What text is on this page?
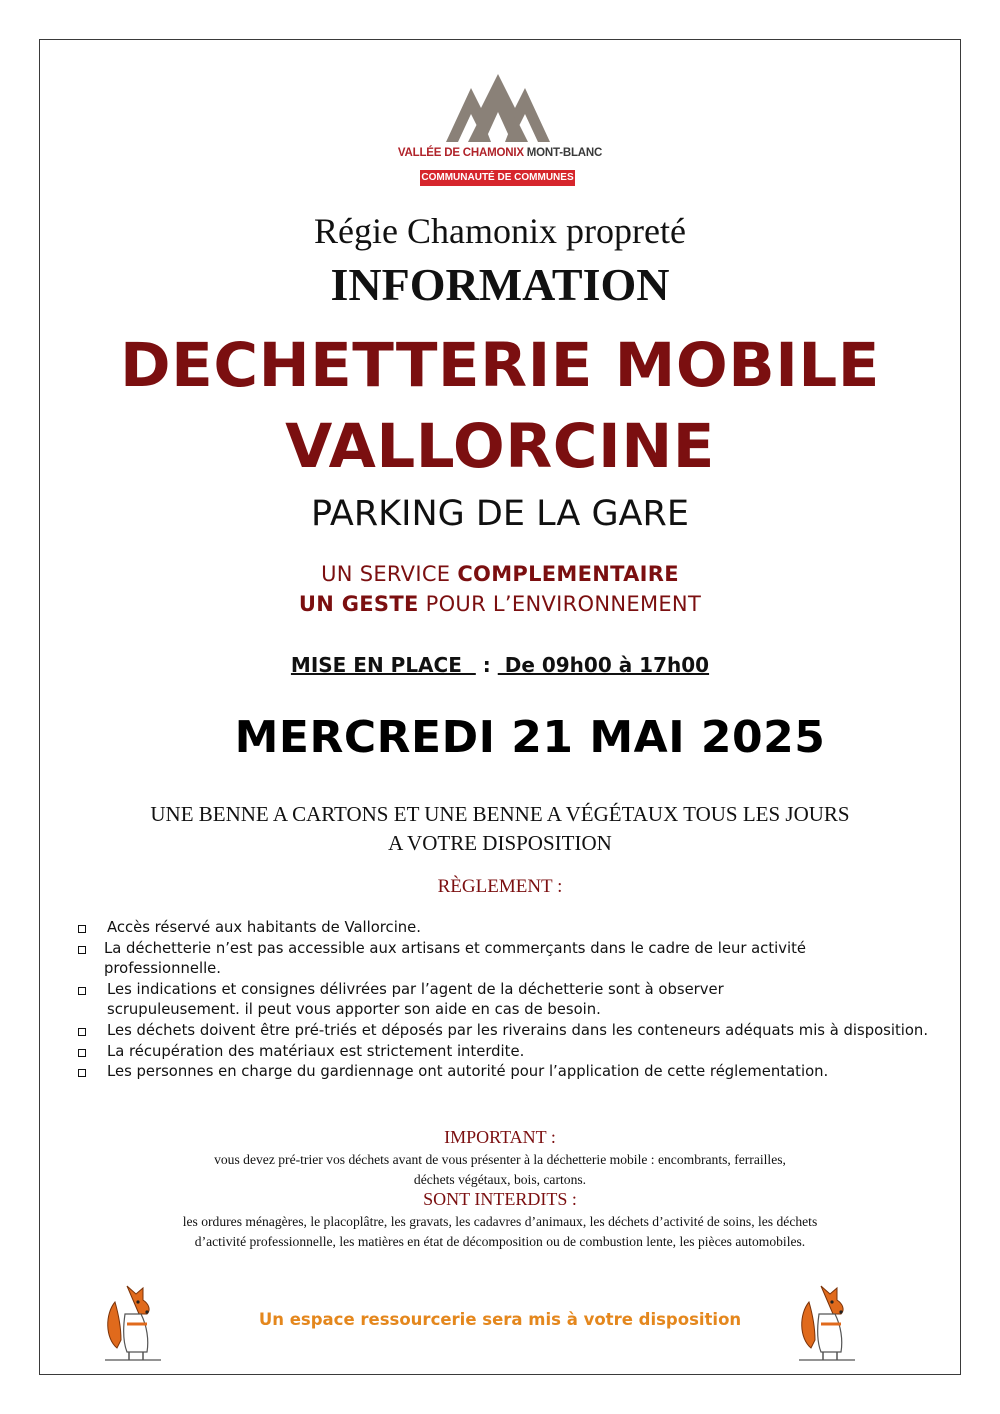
VALLÉE DE CHAMONIX MONT-BLANC
COMMUNAUTÉ DE COMMUNES
Régie Chamonix propreté
INFORMATION
DECHETTERIE MOBILE
VALLORCINE
PARKING DE LA GARE
UN SERVICE COMPLEMENTAIRE
UN GESTE POUR L’ENVIRONNEMENT
MISE EN PLACE   :  De 09h00 à 17h00
MERCREDI 21 MAI 2025
UNE BENNE A CARTONS ET UNE BENNE A VÉGÉTAUX TOUS LES JOURS
A VOTRE DISPOSITION
RÈGLEMENT :
Accès réservé aux habitants de Vallorcine.
La déchetterie n’est pas accessible aux artisans et commerçants dans le cadre de leur activité professionnelle.
Les indications et consignes délivrées par l’agent de la déchetterie sont à observer scrupuleusement. il peut vous apporter son aide en cas de besoin.
Les déchets doivent être pré-triés et déposés par les riverains dans les conteneurs adéquats mis à disposition.
La récupération des matériaux est strictement interdite.
Les personnes en charge du gardiennage ont autorité pour l’application de cette réglementation.
IMPORTANT :
vous devez pré-trier vos déchets avant de vous présenter à la déchetterie mobile : encombrants, ferrailles,
déchets végétaux, bois, cartons.
SONT INTERDITS :
les ordures ménagères, le placoplâtre, les gravats, les cadavres d’animaux, les déchets d’activité de soins, les déchets
d’activité professionnelle, les matières en état de décomposition ou de combustion lente, les pièces automobiles.
Un espace ressourcerie sera mis à votre disposition
